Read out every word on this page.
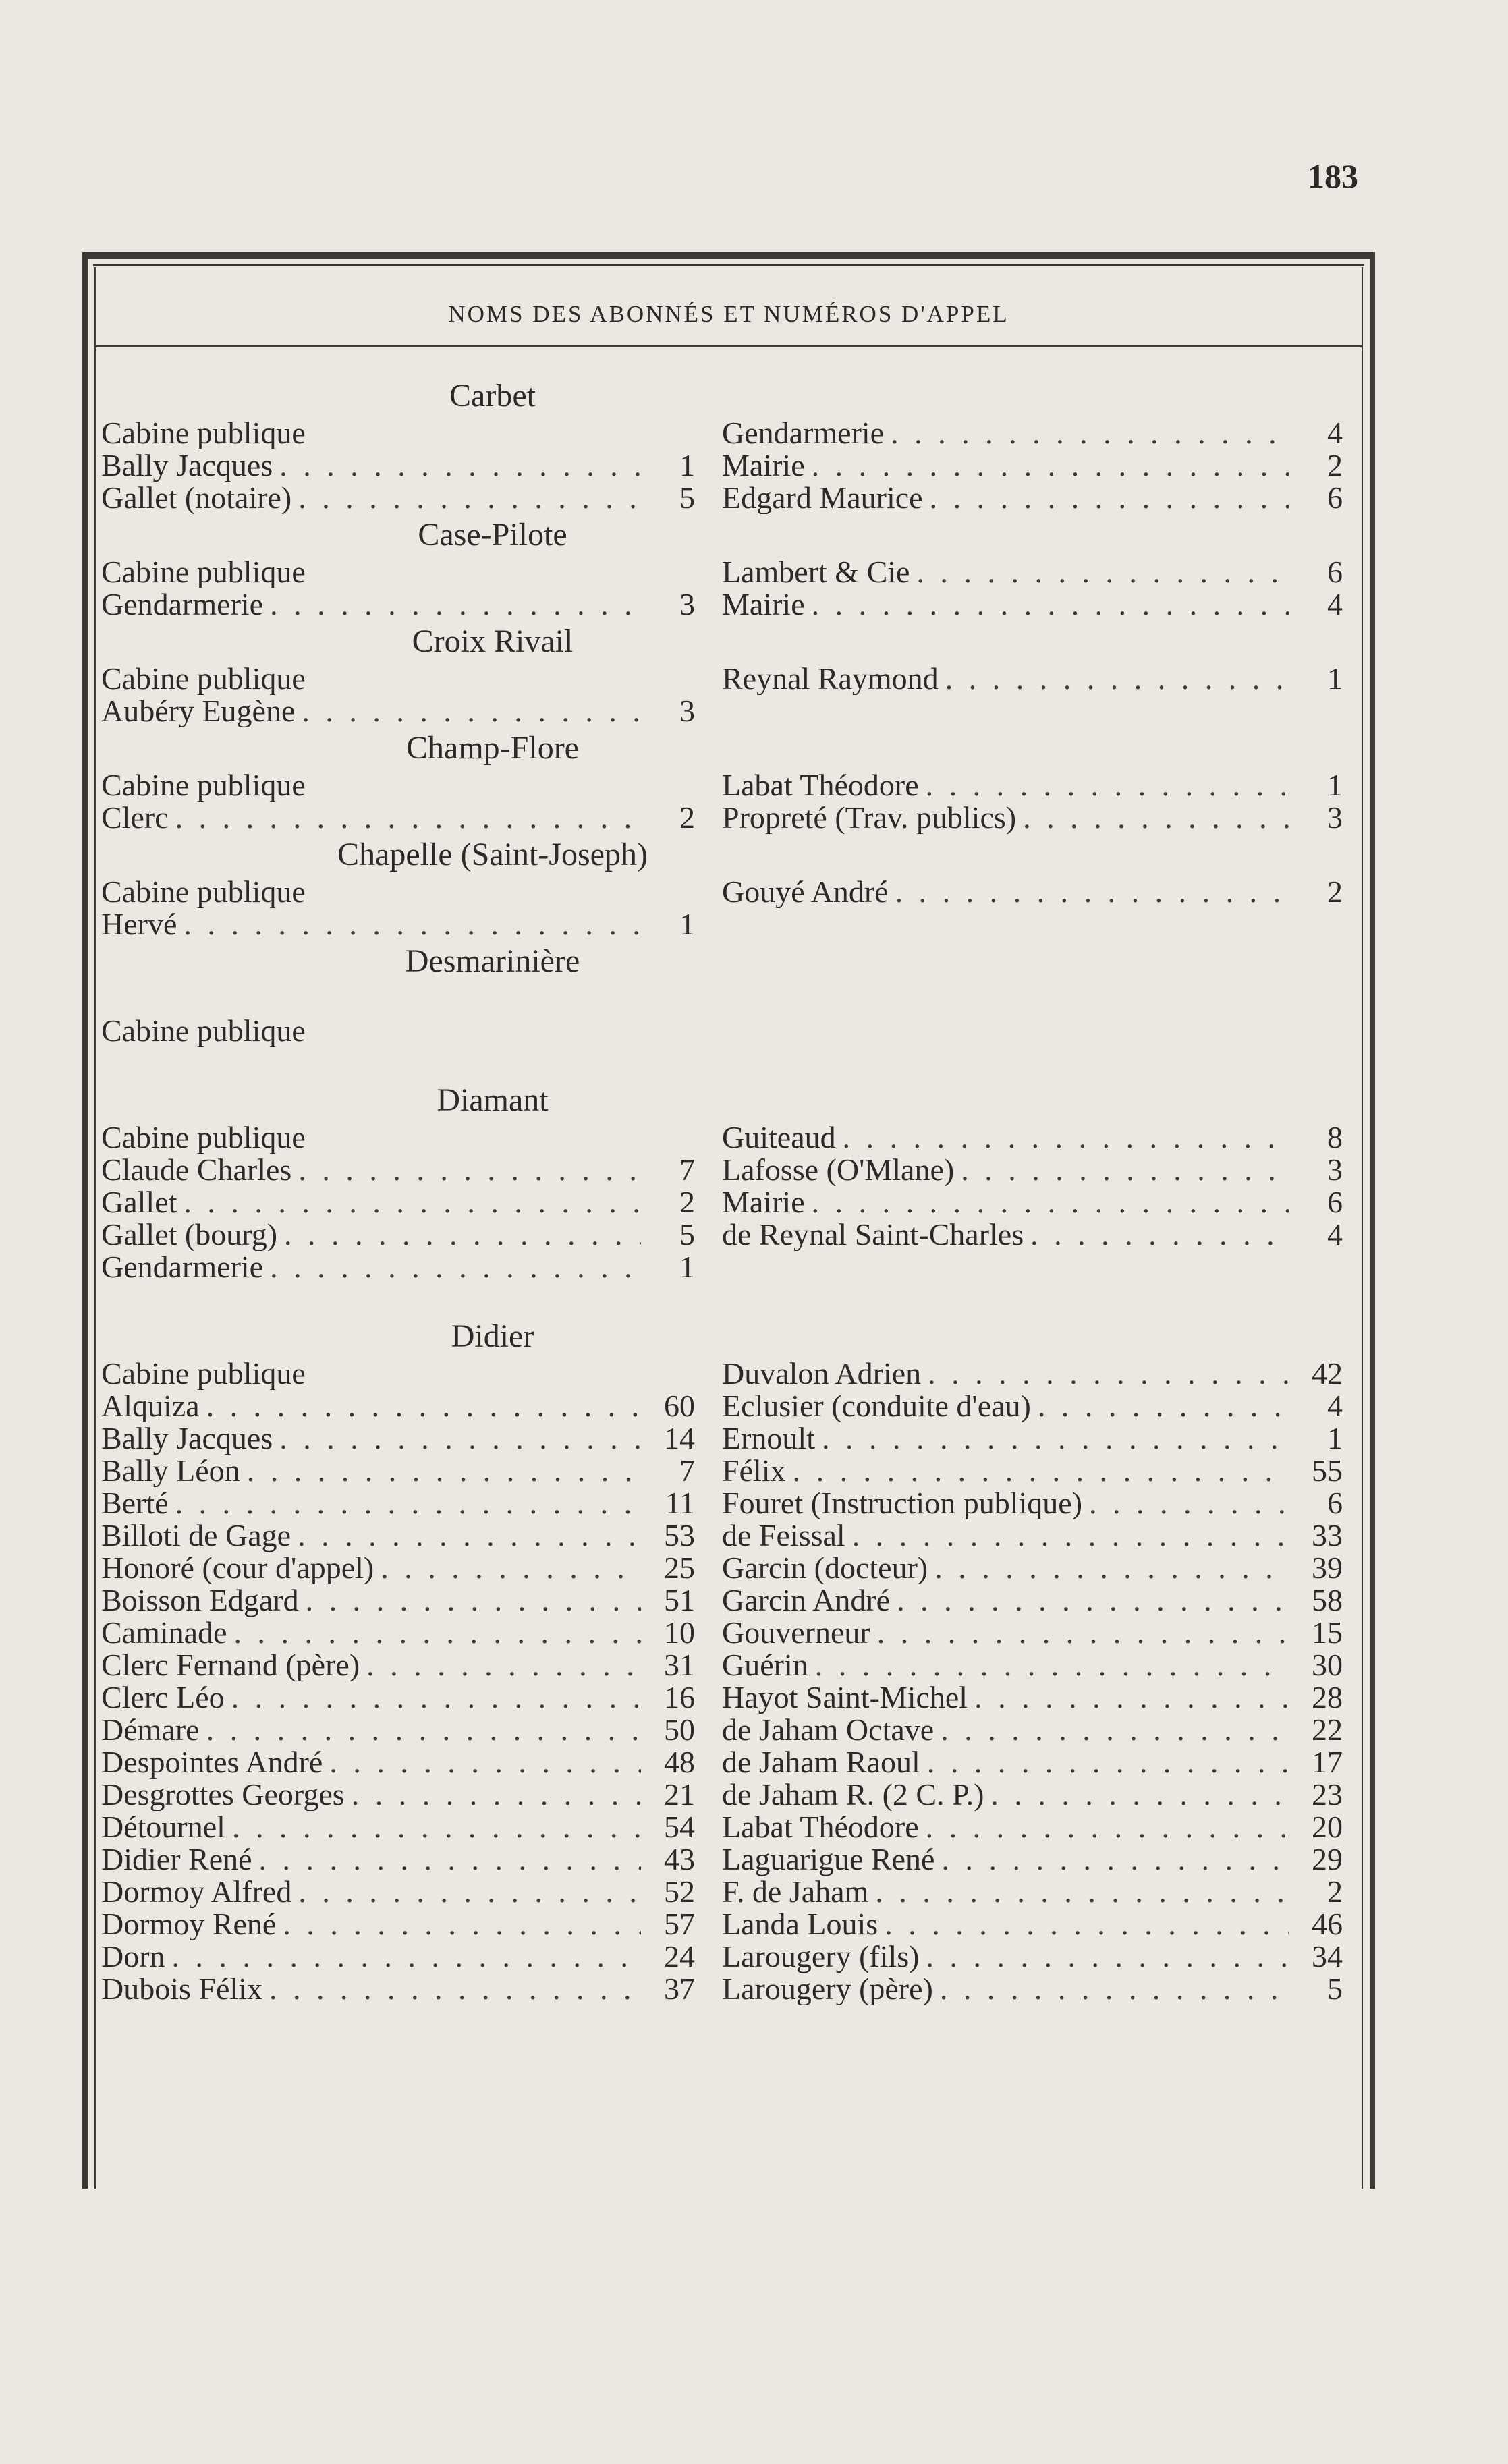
183
NOMS DES ABONNÉS ET NUMÉROS D'APPEL
Carbet
Cabine publique
Bally Jacques . . .	1
Gallet (notaire) . . .	5
Gendarmerie . . .	4
Mairie . . .	2
Edgard Maurice . . .	6
Case-Pilote
Cabine publique
Gendarmerie . . .	3
Lambert & Cie . . .	6
Mairie . . .	4
Croix Rivail
Cabine publique
Aubéry Eugène . . .	3
Reynal Raymond . . .	1
Champ-Flore
Cabine publique
Clerc . . .	2
Labat Théodore . . .	1
Propreté (Trav. publics) . . .	3
Chapelle (Saint-Joseph)
Cabine publique
Hervé . . .	1
Gouyé André . . .	2
Desmarinière
Cabine publique
Diamant
Cabine publique
Claude Charles . . .	7
Gallet . . .	2
Gallet (bourg) . . .	5
Gendarmerie . . .	1
Guiteaud . . .	8
Lafosse (O'Mlane) . . .	3
Mairie . . .	6
de Reynal Saint-Charles . . .	4
Didier
Cabine publique
Alquiza . . .	60
Bally Jacques . . .	14
Bally Léon . . .	7
Berté . . .	11
Billoti de Gage . . .	53
Honoré (cour d'appel) . . .	25
Boisson Edgard . . .	51
Caminade . . .	10
Clerc Fernand (père) . . .	31
Clerc Léo . . .	16
Démare . . .	50
Despointes André . . .	48
Desgrottes Georges . . .	21
Détournel . . .	54
Didier René . . .	43
Dormoy Alfred . . .	52
Dormoy René . . .	57
Dorn . . .	24
Dubois Félix . . .	37
Duvalon Adrien . . .	42
Eclusier (conduite d'eau) . . .	4
Ernoult . . .	1
Félix . . .	55
Fouret (Instruction publique) . . .	6
de Feissal . . .	33
Garcin (docteur) . . .	39
Garcin André . . .	58
Gouverneur . . .	15
Guérin . . .	30
Hayot Saint-Michel . . .	28
de Jaham Octave . . .	22
de Jaham Raoul . . .	17
de Jaham R. (2 C. P.) . . .	23
Labat Théodore . . .	20
Laguarigue René . . .	29
F. de Jaham . . .	2
Landa Louis . . .	46
Larougery (fils) . . .	34
Larougery (père) . . .	5
